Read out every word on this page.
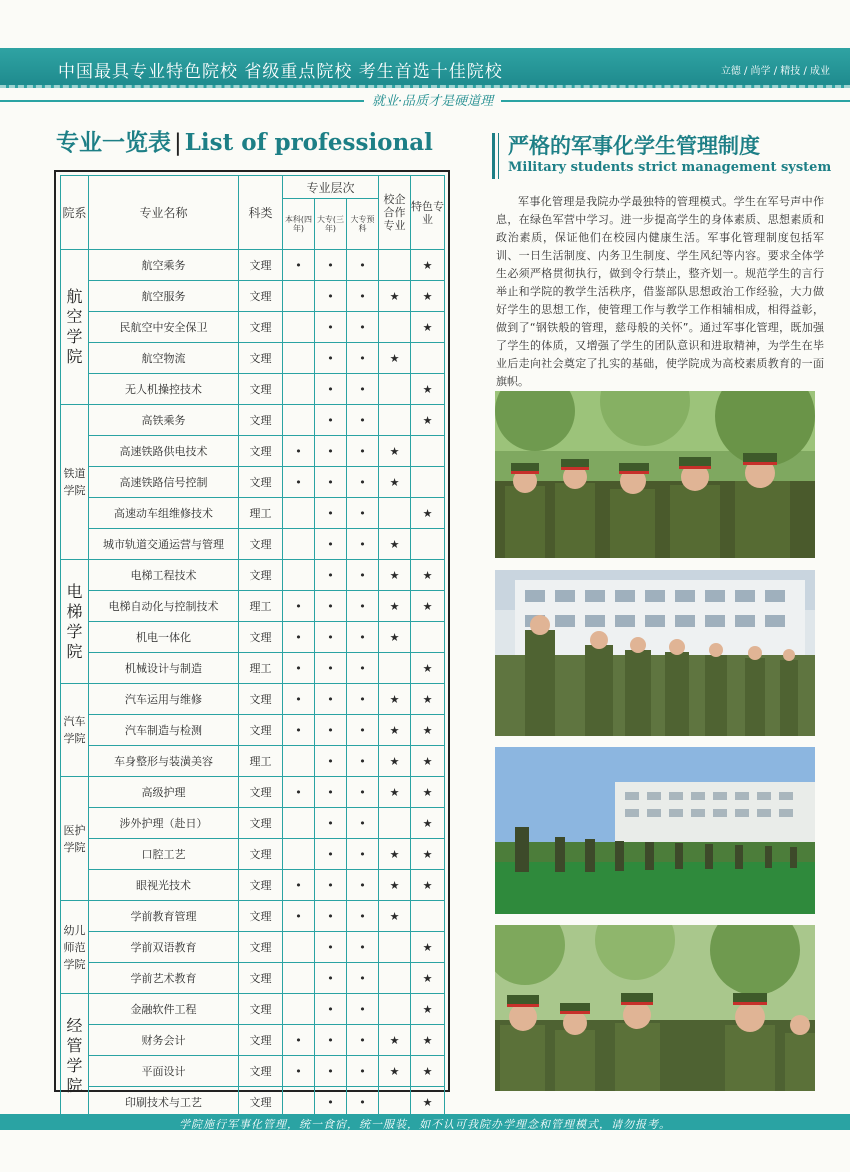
中国最具专业特色院校 省级重点院校 考生首选十佳院校	立德 / 尚学 / 精技 / 成业
就业·品质才是硬道理
专业一览表 | List of professional
院系	专业名称	科类	专业层次			校企合作专业	特色专业

			本科(四年)	大专(三年)	大专预科		

航空学院	航空乘务	文理	•	•	•		★
	航空服务	文理		•	•	★	★
	民航空中安全保卫	文理		•	•		★
	航空物流	文理		•	•	★	
	无人机操控技术	文理		•	•		★
铁道学院	高铁乘务	文理		•	•		★
	高速铁路供电技术	文理	•	•	•	★	
	高速铁路信号控制	文理	•	•	•	★	
	高速动车组维修技术	理工		•	•		★
	城市轨道交通运营与管理	文理		•	•	★	
电梯学院	电梯工程技术	文理		•	•	★	★
	电梯自动化与控制技术	理工	•	•	•	★	★
	机电一体化	文理	•	•	•	★	
	机械设计与制造	理工	•	•	•		★
汽车学院	汽车运用与维修	文理	•	•	•	★	★
	汽车制造与检测	文理	•	•	•	★	★
	车身整形与装潢美容	理工		•	•	★	★
医护学院	高级护理	文理	•	•	•	★	★
	涉外护理（赴日）	文理		•	•		★
	口腔工艺	文理		•	•	★	★
	眼视光技术	文理	•	•	•	★	★
幼儿师范学院	学前教育管理	文理	•	•	•	★	
	学前双语教育	文理		•	•		★
	学前艺术教育	文理		•	•		★
经管学院	金融软件工程	文理		•	•		★
	财务会计	文理	•	•	•	★	★
	平面设计	文理	•	•	•	★	★
	印刷技术与工艺	文理		•	•		★
严格的军事化学生管理制度
Military students strict management system
军事化管理是我院办学最独特的管理模式。学生在军号声中作息，在绿色军营中学习。进一步提高学生的身体素质、思想素质和政治素质，保证他们在校园内健康生活。军事化管理制度包括军训、一日生活制度、内务卫生制度、学生风纪等内容。要求全体学生必须严格贯彻执行，做到令行禁止，整齐划一。规范学生的言行举止和学院的教学生活秩序，借鉴部队思想政治工作经验，大力做好学生的思想工作，使管理工作与教学工作相辅相成，相得益彰，做到了“钢铁般的管理，慈母般的关怀”。通过军事化管理，既加强了学生的体质，又增强了学生的团队意识和进取精神，为学生在毕业后走向社会奠定了扎实的基础，使学院成为高校素质教育的一面旗帜。
学院施行军事化管理，统一食宿，统一服装，如不认可我院办学理念和管理模式，请勿报考。
